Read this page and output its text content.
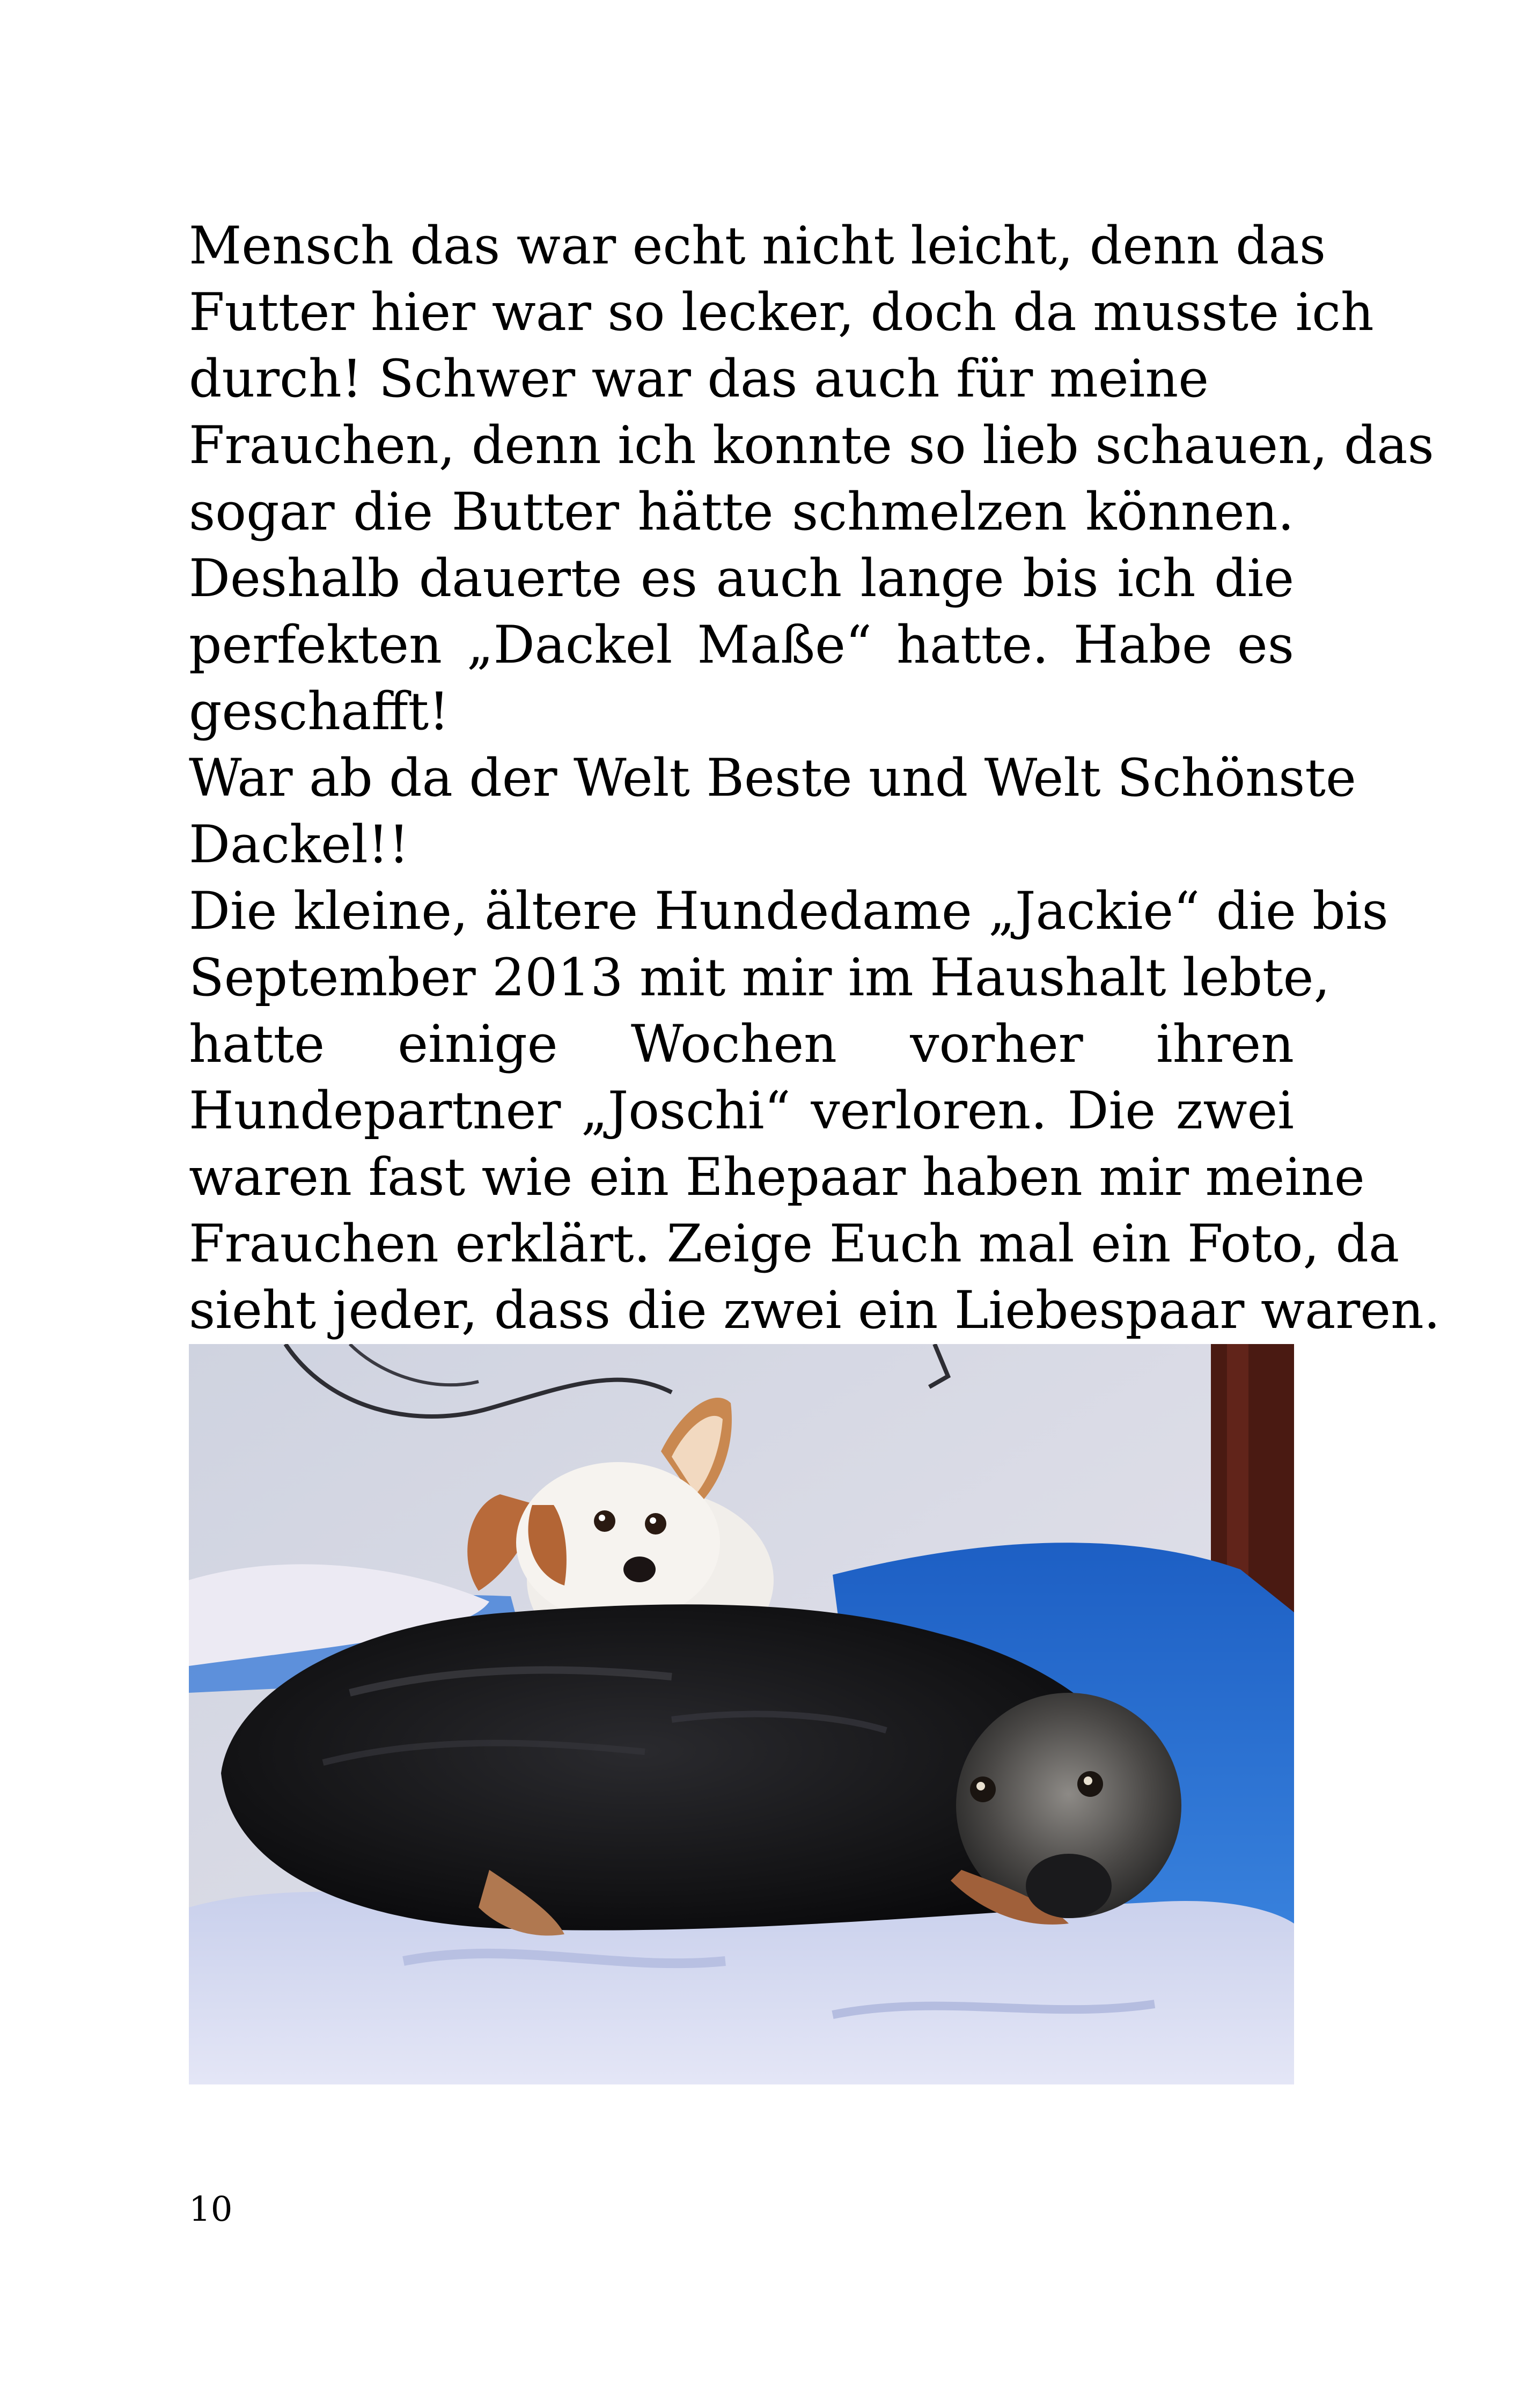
Mensch das war echt nicht leicht, denn das
Futter hier war so lecker, doch da musste ich
durch! Schwer war das auch für meine

Frauchen, denn ich konnte so lieb schauen, das
sogar die Butter hätte schmelzen können.
Deshalb dauerte es auch lange bis ich die
perfekten „Dackel Maße“ hatte. Habe es
geschafft!

War ab da der Welt Beste und Welt Schönste
Dackel!!

Die kleine, ältere Hundedame „Jackie“ die bis
September 2013 mit mir im Haushalt lebte,
hatte einige Wochen vorher ihren
Hundepartner „Joschi“ verloren. Die zwei
waren fast wie ein Ehepaar haben mir meine
Frauchen erklärt. Zeige Euch mal ein Foto, da
sieht jeder, dass die zwei ein Liebespaar waren.

10
